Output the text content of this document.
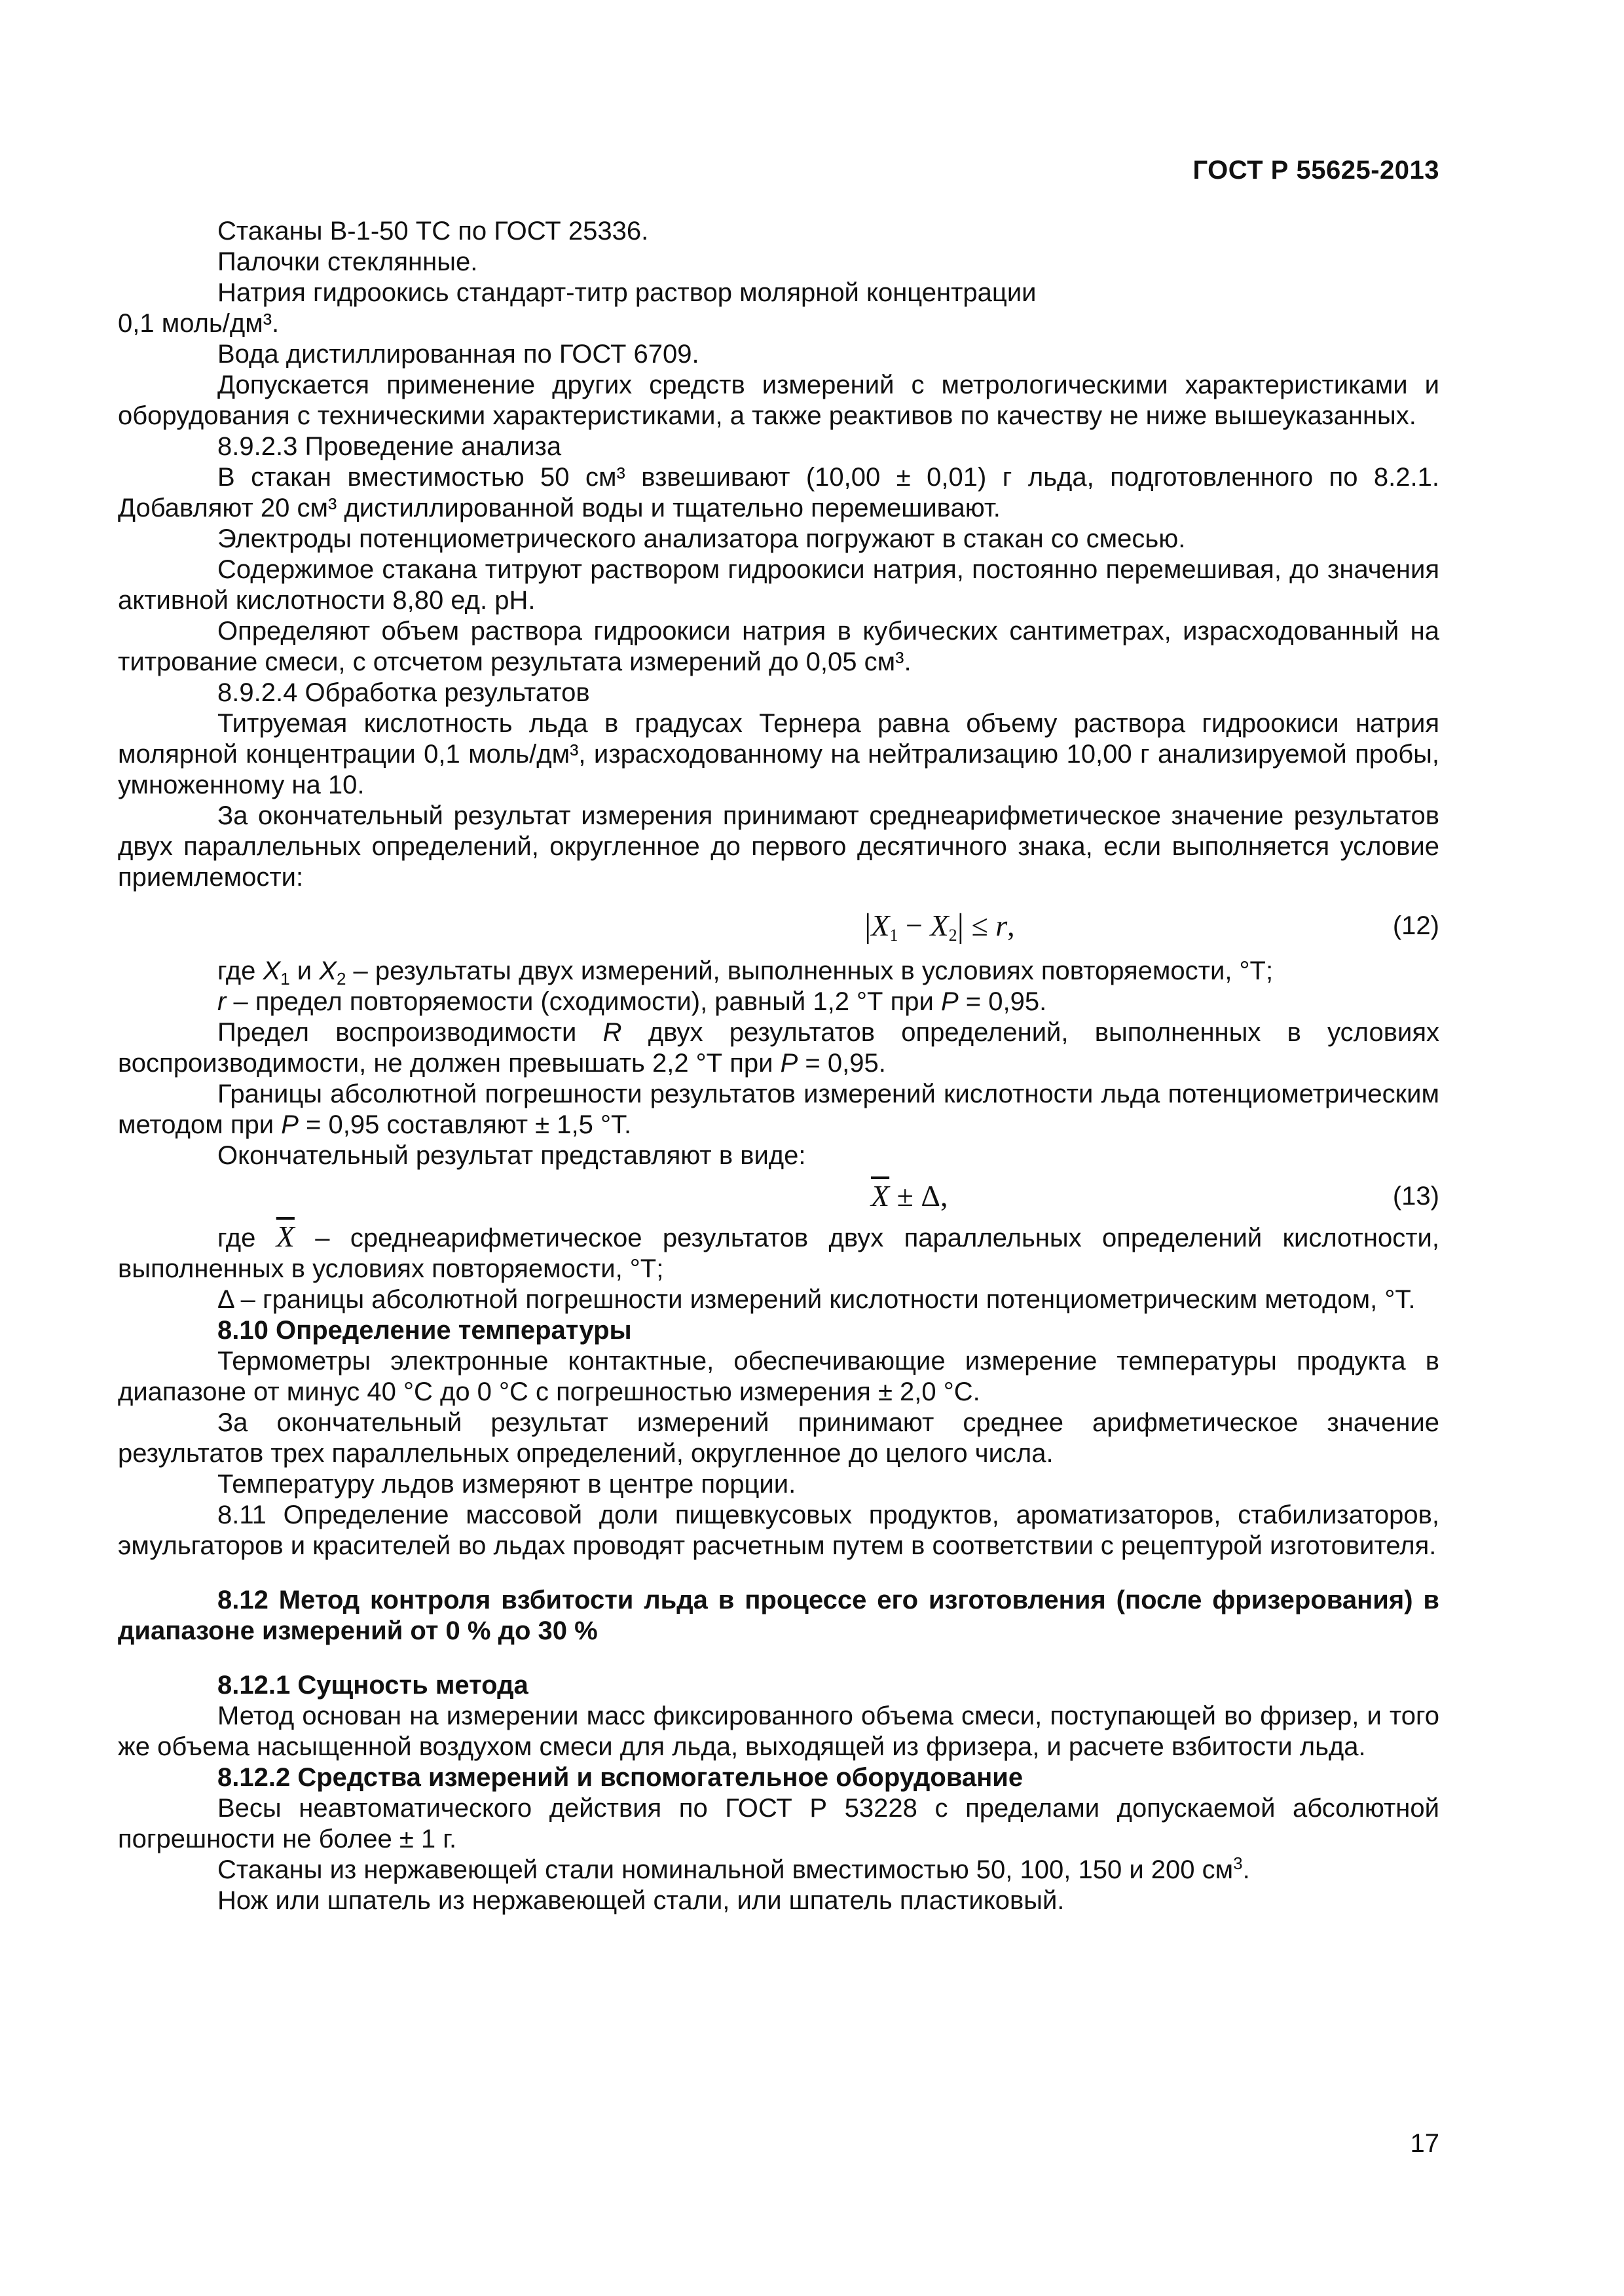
ГОСТ Р 55625-2013

Стаканы В-1-50 ТС по ГОСТ 25336.

Палочки стеклянные.

Натрия гидроокись стандарт-титр раствор молярной концентрации

0,1 моль/дм³.

Вода дистиллированная по ГОСТ 6709.

Допускается применение других средств измерений с метрологическими характеристиками и оборудования с техническими характеристиками, а также реактивов по качеству не ниже вышеуказанных.

8.9.2.3 Проведение анализа

В стакан вместимостью 50 см³ взвешивают (10,00 ± 0,01) г льда, подготовленного по 8.2.1. Добавляют 20 см³ дистиллированной воды и тщательно перемешивают.

Электроды потенциометрического анализатора погружают в стакан со смесью.

Содержимое стакана титруют раствором гидроокиси натрия, постоянно перемешивая, до значения активной кислотности 8,80 ед. pH.

Определяют объем раствора гидроокиси натрия в кубических сантиметрах, израсходованный на титрование смеси, с отсчетом результата измерений до 0,05 см³.

8.9.2.4 Обработка результатов

Титруемая кислотность льда в градусах Тернера равна объему раствора гидроокиси натрия молярной концентрации 0,1 моль/дм³, израсходованному на нейтрализацию 10,00 г анализируемой пробы, умноженному на 10.

За окончательный результат измерения принимают среднеарифметическое значение результатов двух параллельных определений, округленное до первого десятичного знака, если выполняется условие приемлемости:

$|X_1 - X_2| \le r$,	(12)

где $X_1$ и $X_2$ – результаты двух измерений, выполненных в условиях повторяемости, °Т;

r – предел повторяемости (сходимости), равный 1,2 °Т при P = 0,95.

Предел воспроизводимости R двух результатов определений, выполненных в условиях воспроизводимости, не должен превышать 2,2 °Т при P = 0,95.

Границы абсолютной погрешности результатов измерений кислотности льда потенциометрическим методом при P = 0,95 составляют ± 1,5 °Т.

Окончательный результат представляют в виде:

$\overline{X} \pm \Delta$,	(13)

где $\overline{X}$ – среднеарифметическое результатов двух параллельных определений кислотности, выполненных в условиях повторяемости, °Т;

Δ – границы абсолютной погрешности измерений кислотности потенциометрическим методом, °Т.

8.10 Определение температуры

Термометры электронные контактные, обеспечивающие измерение температуры продукта в диапазоне от минус 40 °С до 0 °С с погрешностью измерения ± 2,0 °С.

За окончательный результат измерений принимают среднее арифметическое значение результатов трех параллельных определений, округленное до целого числа.

Температуру льдов измеряют в центре порции.

8.11 Определение массовой доли пищевкусовых продуктов, ароматизаторов, стабилизаторов, эмульгаторов и красителей во льдах проводят расчетным путем в соответствии с рецептурой изготовителя.

8.12 Метод контроля взбитости льда в процессе его изготовления (после фризерования) в диапазоне измерений от 0 % до 30 %

8.12.1 Сущность метода

Метод основан на измерении масс фиксированного объема смеси, поступающей во фризер, и того же объема насыщенной воздухом смеси для льда, выходящей из фризера, и расчете взбитости льда.

8.12.2 Средства измерений и вспомогательное оборудование

Весы неавтоматического действия по ГОСТ Р 53228 с пределами допускаемой абсолютной погрешности не более ± 1 г.

Стаканы из нержавеющей стали номинальной вместимостью 50, 100, 150 и 200 $см^3$.

Нож или шпатель из нержавеющей стали, или шпатель пластиковый.

17
